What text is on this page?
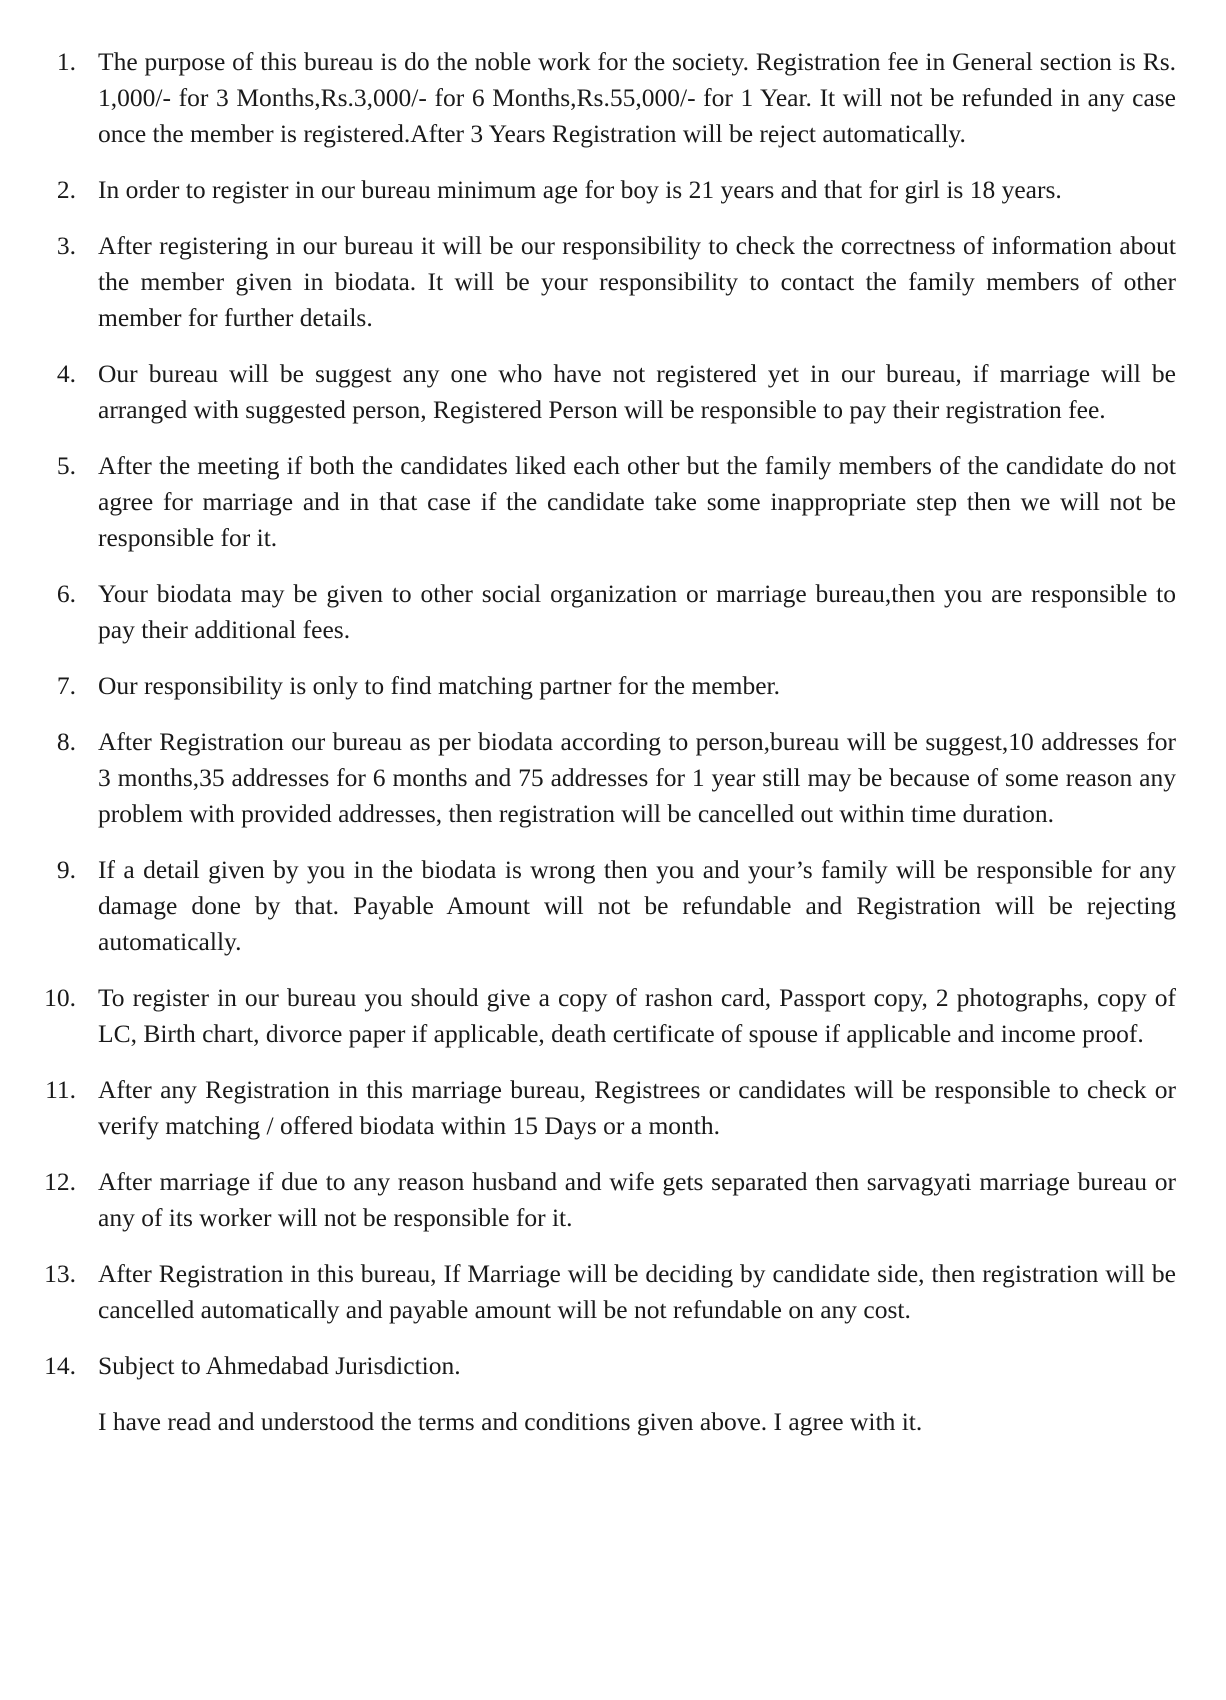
1. The purpose of this bureau is do the noble work for the society. Registration fee in General section is Rs. 1,000/- for 3 Months,Rs.3,000/- for 6 Months,Rs.55,000/- for 1 Year. It will not be refunded in any case once the member is registered.After 3 Years Registration will be reject automatically.
2. In order to register in our bureau minimum age for boy is 21 years and that for girl is 18 years.
3. After registering in our bureau it will be our responsibility to check the correctness of information about the member given in biodata. It will be your responsibility to contact the family members of other member for further details.
4. Our bureau will be suggest any one who have not registered yet in our bureau, if marriage will be arranged with suggested person, Registered Person will be responsible to pay their registration fee.
5. After the meeting if both the candidates liked each other but the family members of the candidate do not agree for marriage and in that case if the candidate take some inappropriate step then we will not be responsible for it.
6. Your biodata may be given to other social organization or marriage bureau,then you are responsible to pay their additional fees.
7. Our responsibility is only to find matching partner for the member.
8. After Registration our bureau as per biodata according to person,bureau will be suggest,10 addresses for 3 months,35 addresses for 6 months and 75 addresses for 1 year still may be because of some reason any problem with provided addresses, then registration will be cancelled out within time duration.
9. If a detail given by you in the biodata is wrong then you and your’s family will be responsible for any damage done by that. Payable Amount will not be refundable and Registration will be rejecting automatically.
10. To register in our bureau you should give a copy of rashon card, Passport copy, 2 photographs, copy of LC, Birth chart, divorce paper if applicable, death certificate of spouse if applicable and income proof.
11. After any Registration in this marriage bureau, Registrees or candidates will be responsible to check or verify matching / offered biodata within 15 Days or a month.
12. After marriage if due to any reason husband and wife gets separated then sarvagyati marriage bureau or any of its worker will not be responsible for it.
13. After Registration in this bureau, If Marriage will be deciding by candidate side, then registration will be cancelled automatically and payable amount will be not refundable on any cost.
14. Subject to Ahmedabad Jurisdiction.

I have read and understood the terms and conditions given above. I agree with it.
